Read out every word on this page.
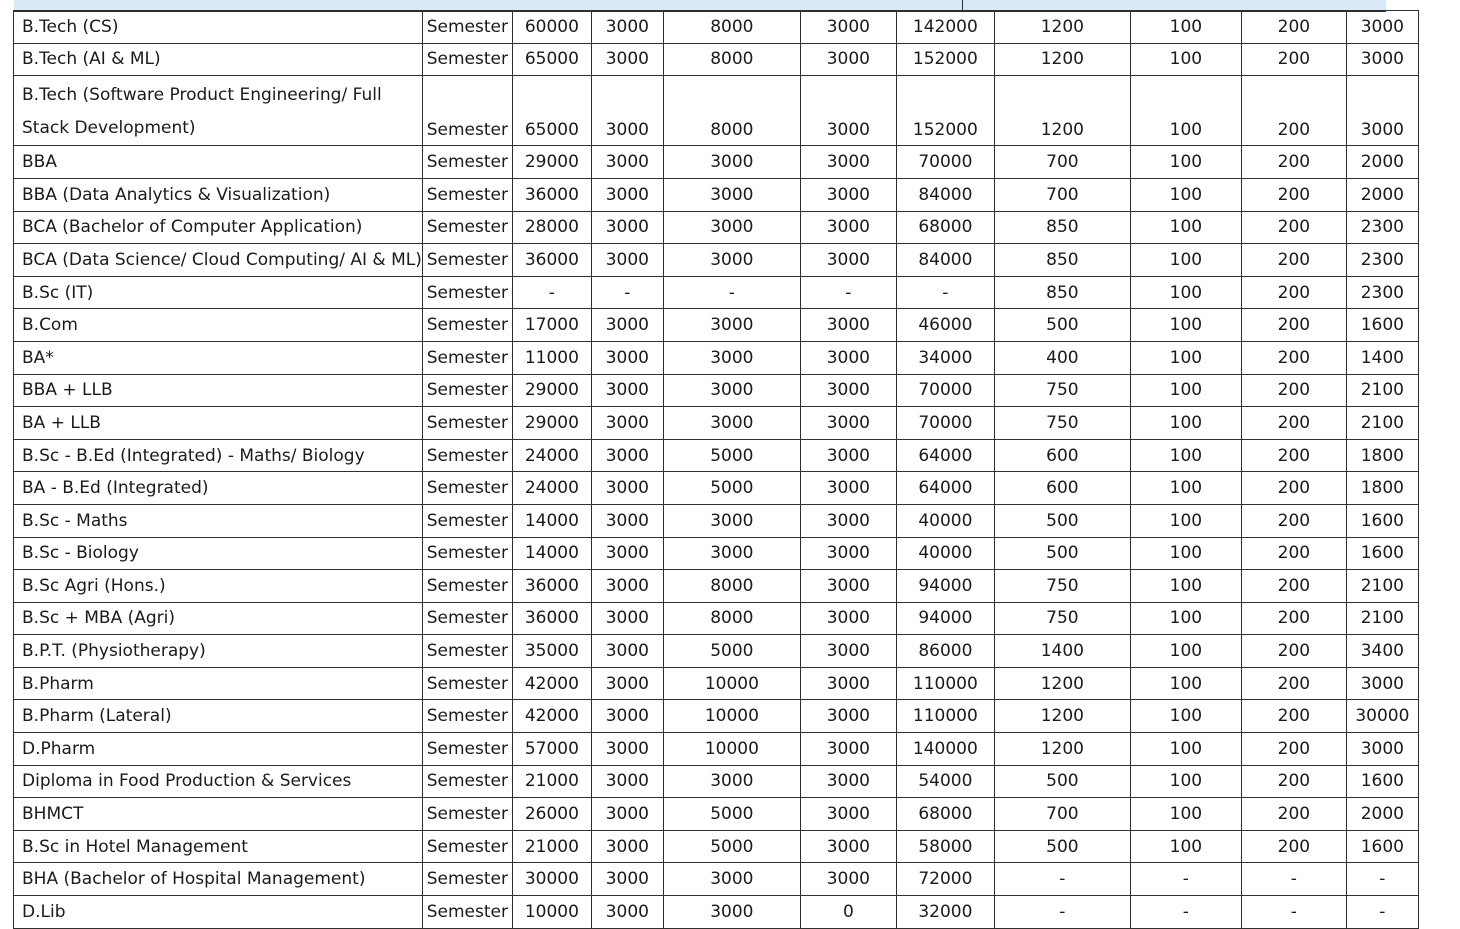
B.Tech (CS)	Semester	60000	3000	8000	3000	142000	1200	100	200	3000
B.Tech (AI & ML)	Semester	65000	3000	8000	3000	152000	1200	100	200	3000
B.Tech (Software Product Engineering/ Full Stack Development)	Semester	65000	3000	8000	3000	152000	1200	100	200	3000
BBA	Semester	29000	3000	3000	3000	70000	700	100	200	2000
BBA (Data Analytics & Visualization)	Semester	36000	3000	3000	3000	84000	700	100	200	2000
BCA (Bachelor of Computer Application)	Semester	28000	3000	3000	3000	68000	850	100	200	2300
BCA (Data Science/ Cloud Computing/ AI & ML)	Semester	36000	3000	3000	3000	84000	850	100	200	2300
B.Sc (IT)	Semester	-	-	-	-	-	850	100	200	2300
B.Com	Semester	17000	3000	3000	3000	46000	500	100	200	1600
BA*	Semester	11000	3000	3000	3000	34000	400	100	200	1400
BBA + LLB	Semester	29000	3000	3000	3000	70000	750	100	200	2100
BA + LLB	Semester	29000	3000	3000	3000	70000	750	100	200	2100
B.Sc - B.Ed (Integrated) - Maths/ Biology	Semester	24000	3000	5000	3000	64000	600	100	200	1800
BA - B.Ed (Integrated)	Semester	24000	3000	5000	3000	64000	600	100	200	1800
B.Sc - Maths	Semester	14000	3000	3000	3000	40000	500	100	200	1600
B.Sc - Biology	Semester	14000	3000	3000	3000	40000	500	100	200	1600
B.Sc Agri (Hons.)	Semester	36000	3000	8000	3000	94000	750	100	200	2100
B.Sc + MBA (Agri)	Semester	36000	3000	8000	3000	94000	750	100	200	2100
B.P.T. (Physiotherapy)	Semester	35000	3000	5000	3000	86000	1400	100	200	3400
B.Pharm	Semester	42000	3000	10000	3000	110000	1200	100	200	3000
B.Pharm (Lateral)	Semester	42000	3000	10000	3000	110000	1200	100	200	30000
D.Pharm	Semester	57000	3000	10000	3000	140000	1200	100	200	3000
Diploma in Food Production & Services	Semester	21000	3000	3000	3000	54000	500	100	200	1600
BHMCT	Semester	26000	3000	5000	3000	68000	700	100	200	2000
B.Sc in Hotel Management	Semester	21000	3000	5000	3000	58000	500	100	200	1600
BHA (Bachelor of Hospital Management)	Semester	30000	3000	3000	3000	72000	-	-	-	-
D.Lib	Semester	10000	3000	3000	0	32000	-	-	-	-
